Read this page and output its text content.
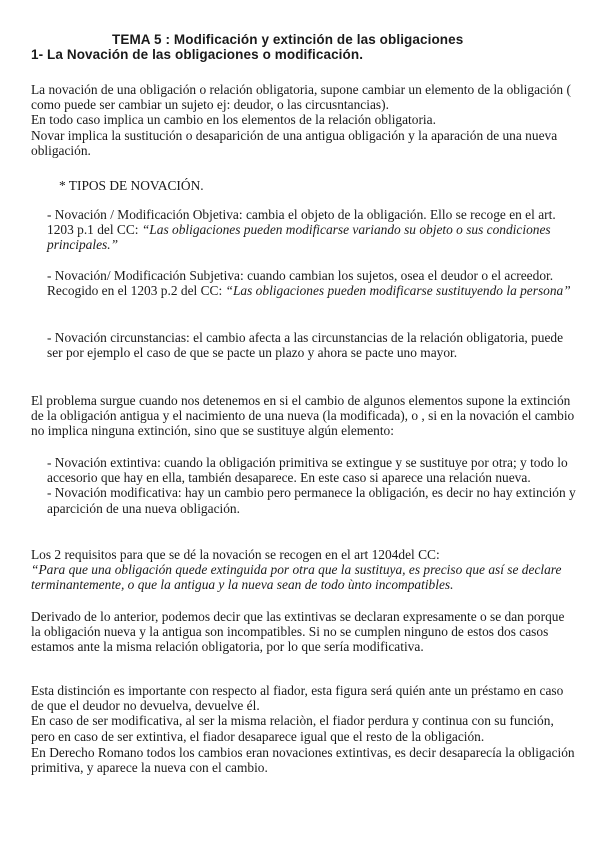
TEMA 5 : Modificación y extinción de las obligaciones
1- La Novación de las obligaciones o modificación.

La novación de una obligación o relación obligatoria, supone cambiar un elemento de la obligación ( como puede ser cambiar un sujeto ej: deudor, o las circusntancias).

En todo caso implica un cambio en los elementos de la relación obligatoria.

Novar implica la sustitución o desaparición de una antigua obligación y la aparación de una nueva obligación.

* TIPOS DE NOVACIÓN.

- Novación / Modificación Objetiva: cambia el objeto de la obligación. Ello se recoge en el art. 1203 p.1 del CC: “Las obligaciones pueden modificarse variando su objeto o sus condiciones principales.”

- Novación/ Modificación Subjetiva: cuando cambian los sujetos, osea el deudor o el acreedor. Recogido en el 1203 p.2 del CC: “Las obligaciones pueden modificarse sustituyendo la persona”

- Novación circunstancias: el cambio afecta a las circunstancias de la relación obligatoria, puede ser por ejemplo el caso de que se pacte un plazo y ahora se pacte uno mayor.

El problema surgue cuando nos detenemos en si el cambio de algunos elementos supone la extinción de la obligación antigua y el nacimiento de una nueva (la modificada), o , si en la novación el cambio no implica ninguna extinción, sino que se sustituye algún elemento:

- Novación extintiva: cuando la obligación primitiva se extingue y se sustituye por otra; y todo lo accesorio que hay en ella, también desaparece. En este caso si aparece una relación nueva.

- Novación modificativa: hay un cambio pero permanece la obligación, es decir no hay extinción y aparcición de una nueva obligación.

Los 2 requisitos para que se dé la novación se recogen en el art 1204del CC:

“Para que una obligación quede extinguida por otra que la sustituya, es preciso que así se declare terminantemente, o que la antigua y la nueva sean de todo ùnto incompatibles.

Derivado de lo anterior, podemos decir que las extintivas se declaran expresamente o se dan porque la obligación nueva y la antigua son incompatibles. Si no se cumplen ninguno de estos dos casos estamos ante la misma relación obligatoria, por lo que sería modificativa.

Esta distinción es importante con respecto al fiador, esta figura será quién ante un préstamo en caso de que el deudor no devuelva, devuelve él.

En caso de ser modificativa, al ser la misma relaciòn, el fiador perdura y continua con su función, pero en caso de ser extintiva, el fiador desaparece igual que el resto de la obligación.

En Derecho Romano todos los cambios eran novaciones extintivas, es decir desaparecía la obligación primitiva, y aparece la nueva con el cambio.
